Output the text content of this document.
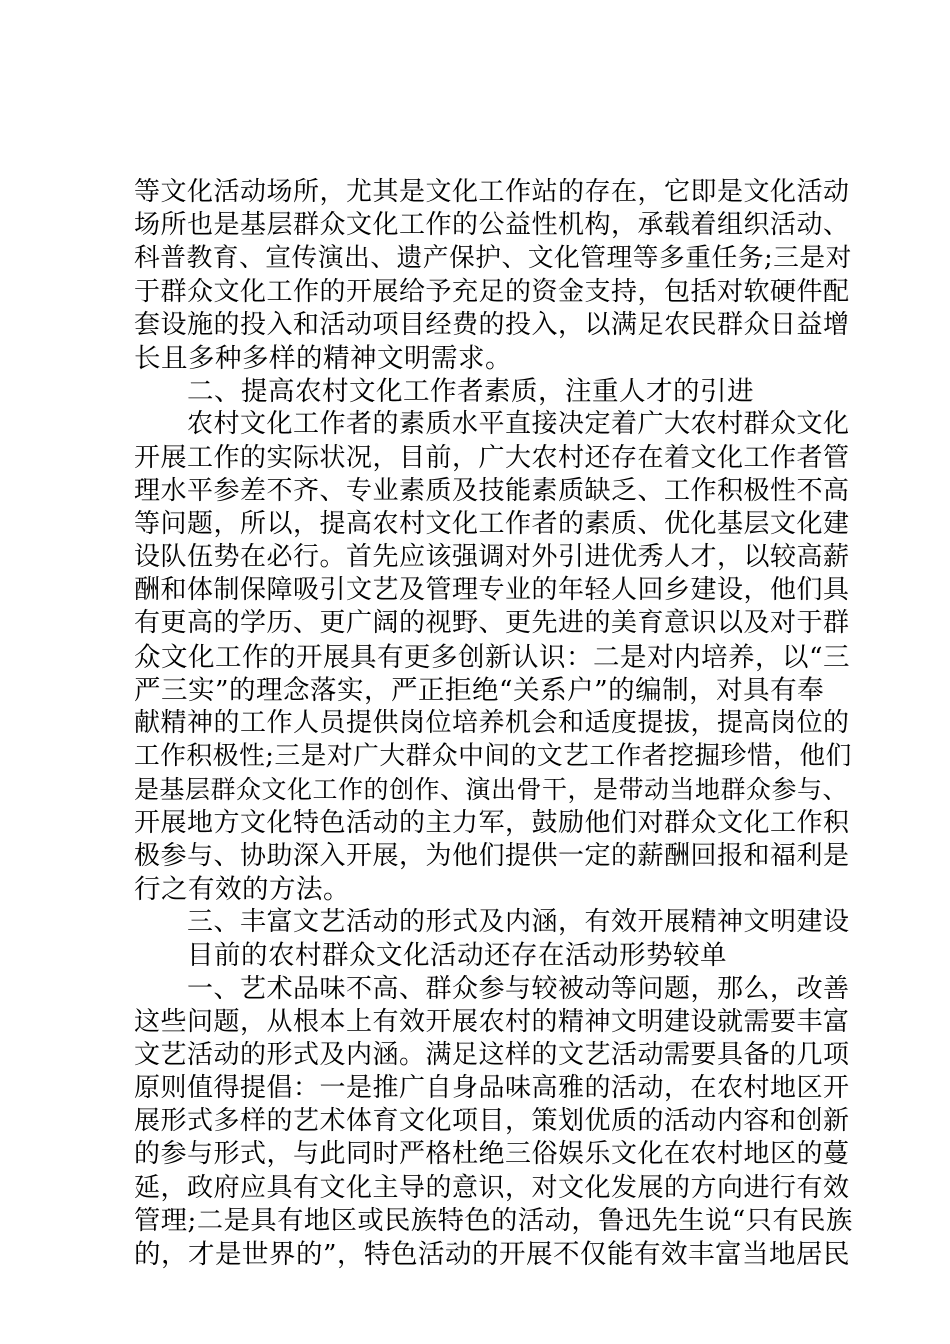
等文化活动场所，尤其是文化工作站的存在，它即是文化活动
场所也是基层群众文化工作的公益性机构，承载着组织活动、
科普教育、宣传演出、遗产保护、文化管理等多重任务;三是对
于群众文化工作的开展给予充足的资金支持，包括对软硬件配
套设施的投入和活动项目经费的投入，以满足农民群众日益增
长且多种多样的精神文明需求。
二、提高农村文化工作者素质，注重人才的引进
农村文化工作者的素质水平直接决定着广大农村群众文化
开展工作的实际状况，目前，广大农村还存在着文化工作者管
理水平参差不齐、专业素质及技能素质缺乏、工作积极性不高
等问题，所以，提高农村文化工作者的素质、优化基层文化建
设队伍势在必行。首先应该强调对外引进优秀人才，以较高薪
酬和体制保障吸引文艺及管理专业的年轻人回乡建设，他们具
有更高的学历、更广阔的视野、更先进的美育意识以及对于群
众文化工作的开展具有更多创新认识：二是对内培养，以“三
严三实”的理念落实，严正拒绝“关系户”的编制，对具有奉
献精神的工作人员提供岗位培养机会和适度提拔，提高岗位的
工作积极性;三是对广大群众中间的文艺工作者挖掘珍惜，他们
是基层群众文化工作的创作、演出骨干，是带动当地群众参与、
开展地方文化特色活动的主力军，鼓励他们对群众文化工作积
极参与、协助深入开展，为他们提供一定的薪酬回报和福利是
行之有效的方法。
三、丰富文艺活动的形式及内涵，有效开展精神文明建设
目前的农村群众文化活动还存在活动形势较单
一、艺术品味不高、群众参与较被动等问题，那么，改善
这些问题，从根本上有效开展农村的精神文明建设就需要丰富
文艺活动的形式及内涵。满足这样的文艺活动需要具备的几项
原则值得提倡：一是推广自身品味高雅的活动，在农村地区开
展形式多样的艺术体育文化项目，策划优质的活动内容和创新
的参与形式，与此同时严格杜绝三俗娱乐文化在农村地区的蔓
延，政府应具有文化主导的意识，对文化发展的方向进行有效
管理;二是具有地区或民族特色的活动，鲁迅先生说“只有民族
的，才是世界的”，特色活动的开展不仅能有效丰富当地居民
